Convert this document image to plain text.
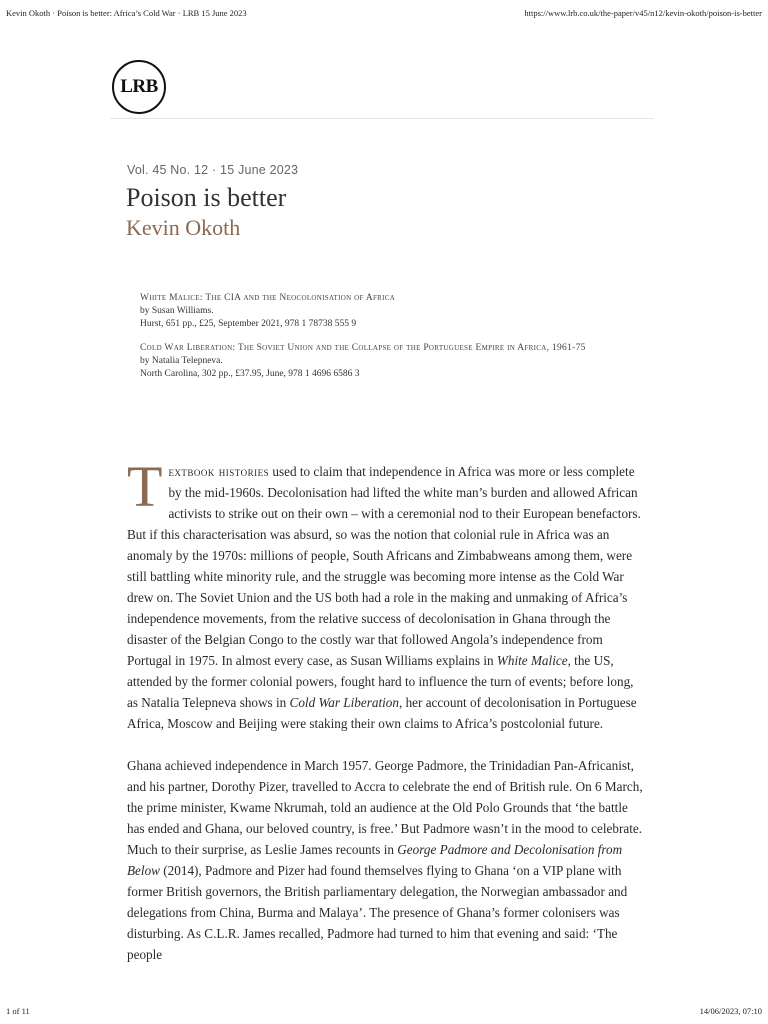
Kevin Okoth · Poison is better: Africa’s Cold War · LRB 15 June 2023	https://www.lrb.co.uk/the-paper/v45/n12/kevin-okoth/poison-is-better
LRB
Vol. 45 No. 12 · 15 June 2023
Poison is better
Kevin Okoth
White Malice: The CIA and the Neocolonisation of Africa
by Susan Williams.
Hurst, 651 pp., £25, September 2021, 978 1 78738 555 9
Cold War Liberation: The Soviet Union and the Collapse of the Portuguese Empire in Africa, 1961-75
by Natalia Telepneva.
North Carolina, 302 pp., £37.95, June, 978 1 4696 6586 3

Textbook histories used to claim that independence in Africa was more or less complete by the mid-1960s. Decolonisation had lifted the white man’s burden and allowed African activists to strike out on their own – with a ceremonial nod to their European benefactors. But if this characterisation was absurd, so was the notion that colonial rule in Africa was an anomaly by the 1970s: millions of people, South Africans and Zimbabweans among them, were still battling white minority rule, and the struggle was becoming more intense as the Cold War drew on. The Soviet Union and the US both had a role in the making and unmaking of Africa’s independence movements, from the relative success of decolonisation in Ghana through the disaster of the Belgian Congo to the costly war that followed Angola’s independence from Portugal in 1975. In almost every case, as Susan Williams explains in White Malice, the US, attended by the former colonial powers, fought hard to influence the turn of events; before long, as Natalia Telepneva shows in Cold War Liberation, her account of decolonisation in Portuguese Africa, Moscow and Beijing were staking their own claims to Africa’s postcolonial future.

Ghana achieved independence in March 1957. George Padmore, the Trinidadian Pan-Africanist, and his partner, Dorothy Pizer, travelled to Accra to celebrate the end of British rule. On 6 March, the prime minister, Kwame Nkrumah, told an audience at the Old Polo Grounds that ‘the battle has ended and Ghana, our beloved country, is free.’ But Padmore wasn’t in the mood to celebrate. Much to their surprise, as Leslie James recounts in George Padmore and Decolonisation from Below (2014), Padmore and Pizer had found themselves flying to Ghana ‘on a VIP plane with former British governors, the British parliamentary delegation, the Norwegian ambassador and delegations from China, Burma and Malaya’. The presence of Ghana’s former colonisers was disturbing. As C.L.R. James recalled, Padmore had turned to him that evening and said: ‘The people

1 of 11	14/06/2023, 07:10
